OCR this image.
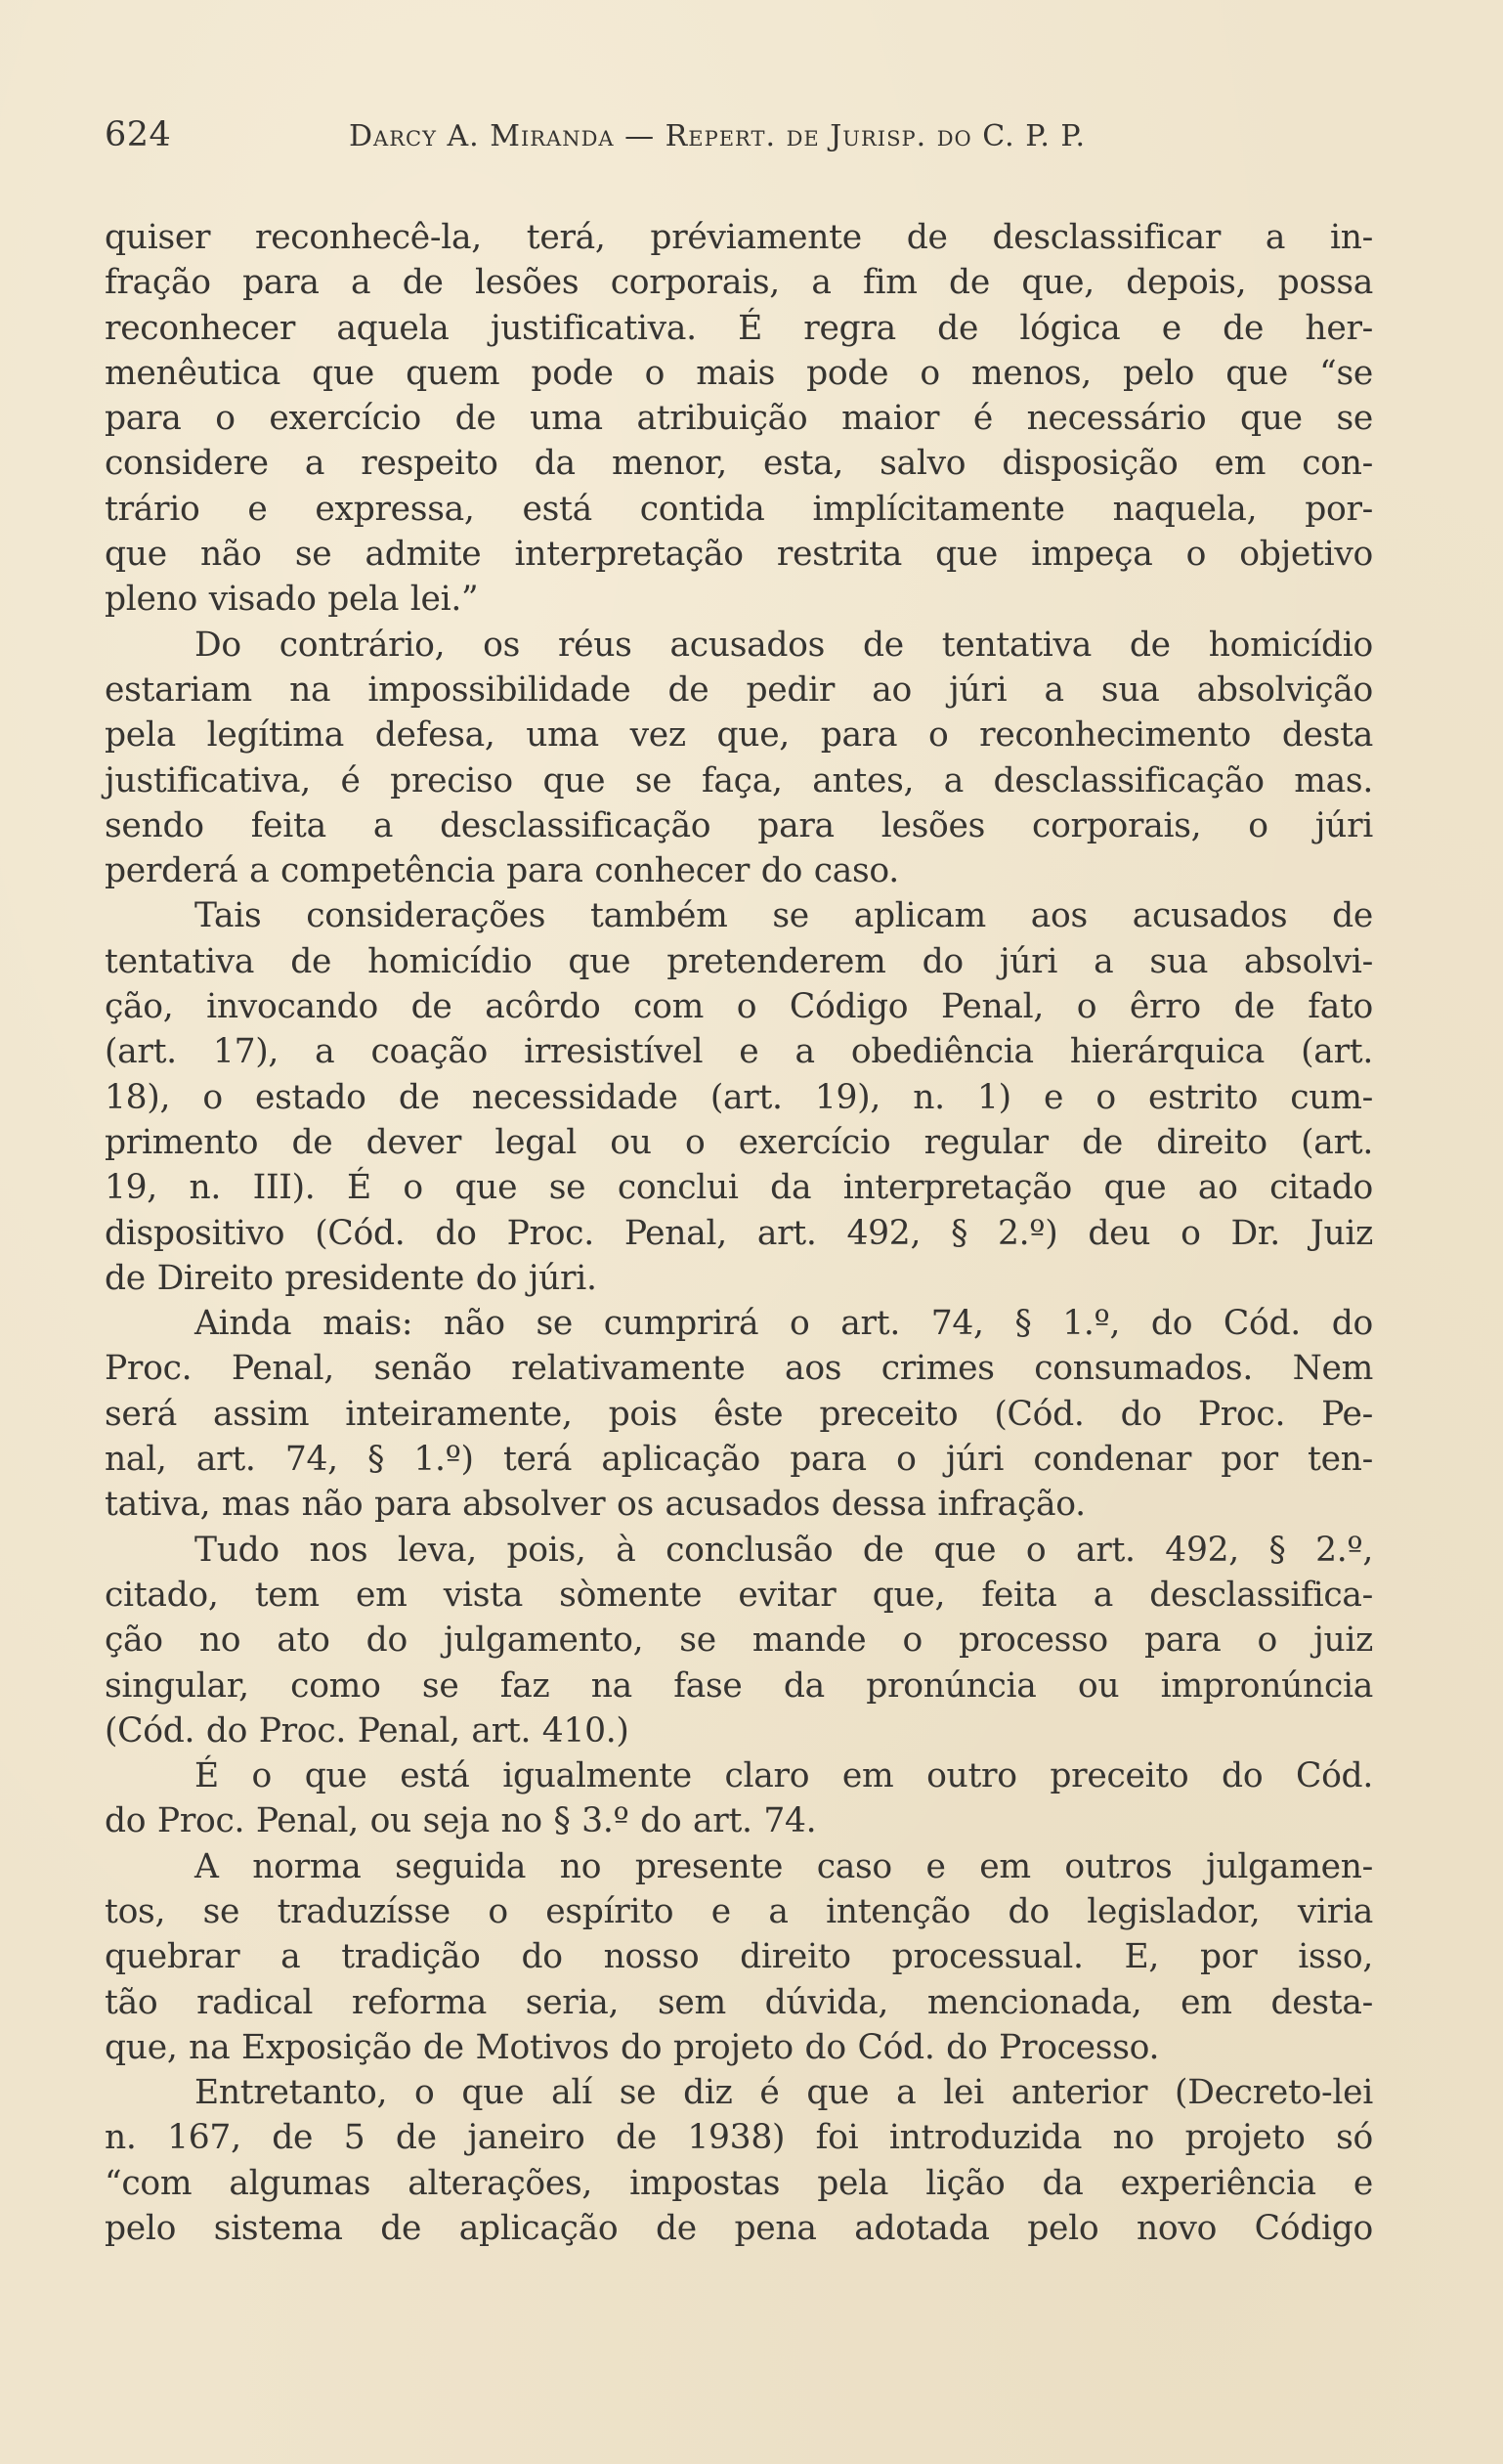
624	Darcy A. Miranda — Repert. de Jurisp. do C. P. P.
quiser reconhecê-la, terá, préviamente de desclassificar a in-
fração para a de lesões corporais, a fim de que, depois, possa
reconhecer aquela justificativa. É regra de lógica e de her-
menêutica que quem pode o mais pode o menos, pelo que “se
para o exercício de uma atribuição maior é necessário que se
considere a respeito da menor, esta, salvo disposição em con-
trário e expressa, está contida implícitamente naquela, por-
que não se admite interpretação restrita que impeça o objetivo
pleno visado pela lei.”
Do contrário, os réus acusados de tentativa de homicídio
estariam na impossibilidade de pedir ao júri a sua absolvição
pela legítima defesa, uma vez que, para o reconhecimento desta
justificativa, é preciso que se faça, antes, a desclassificação mas.
sendo feita a desclassificação para lesões corporais, o júri
perderá a competência para conhecer do caso.
Tais considerações também se aplicam aos acusados de
tentativa de homicídio que pretenderem do júri a sua absolvi-
ção, invocando de acôrdo com o Código Penal, o êrro de fato
(art. 17), a coação irresistível e a obediência hierárquica (art.
18), o estado de necessidade (art. 19), n. 1) e o estrito cum-
primento de dever legal ou o exercício regular de direito (art.
19, n. III). É o que se conclui da interpretação que ao citado
dispositivo (Cód. do Proc. Penal, art. 492, § 2.º) deu o Dr. Juiz
de Direito presidente do júri.
Ainda mais: não se cumprirá o art. 74, § 1.º, do Cód. do
Proc. Penal, senão relativamente aos crimes consumados. Nem
será assim inteiramente, pois êste preceito (Cód. do Proc. Pe-
nal, art. 74, § 1.º) terá aplicação para o júri condenar por ten-
tativa, mas não para absolver os acusados dessa infração.
Tudo nos leva, pois, à conclusão de que o art. 492, § 2.º,
citado, tem em vista sòmente evitar que, feita a desclassifica-
ção no ato do julgamento, se mande o processo para o juiz
singular, como se faz na fase da pronúncia ou impronúncia
(Cód. do Proc. Penal, art. 410.)
É o que está igualmente claro em outro preceito do Cód.
do Proc. Penal, ou seja no § 3.º do art. 74.
A norma seguida no presente caso e em outros julgamen-
tos, se traduzísse o espírito e a intenção do legislador, viria
quebrar a tradição do nosso direito processual. E, por isso,
tão radical reforma seria, sem dúvida, mencionada, em desta-
que, na Exposição de Motivos do projeto do Cód. do Processo.
Entretanto, o que alí se diz é que a lei anterior (Decreto-lei
n. 167, de 5 de janeiro de 1938) foi introduzida no projeto só
“com algumas alterações, impostas pela lição da experiência e
pelo sistema de aplicação de pena adotada pelo novo Código
